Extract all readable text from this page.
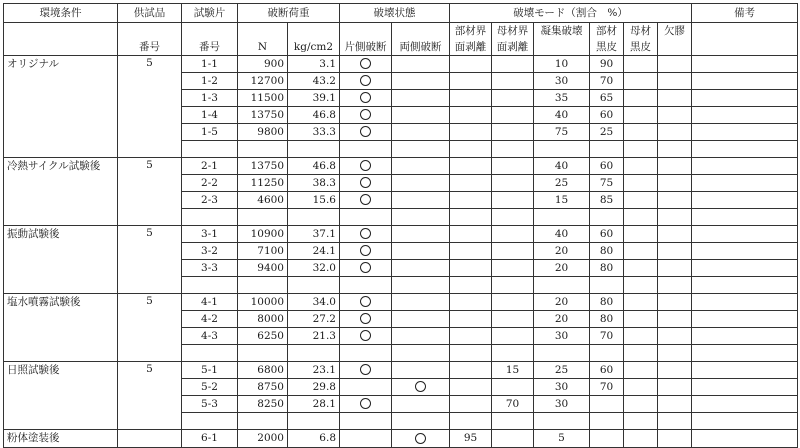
環境条件	供試品	試験片	破断荷重		破壊状態		破壊モード（割合　%）						備考
							部材界	母材界	凝集破壊	部材	母材	欠膠	
	番号	番号	N	kg/cm2	片側破断	両側破断	面剥離	面剥離		黒皮	黒皮		
オリジナル	5	1-1	900	3.1					10	90			
		1-2	12700	43.2					30	70			
		1-3	11500	39.1					35	65			
		1-4	13750	46.8					40	60			
		1-5	9800	33.3					75	25			

冷熱サイクル試験後	5	2-1	13750	46.8					40	60			
		2-2	11250	38.3					25	75			
		2-3	4600	15.6					15	85			

振動試験後	5	3-1	10900	37.1					40	60			
		3-2	7100	24.1					20	80			
		3-3	9400	32.0					20	80			

塩水噴霧試験後	5	4-1	10000	34.0					20	80			
		4-2	8000	27.2					20	80			
		4-3	6250	21.3					30	70			

日照試験後	5	5-1	6800	23.1				15	25	60			
		5-2	8750	29.8					30	70			
		5-3	8250	28.1				70	30				

粉体塗装後		6-1	2000	6.8			95		5				
